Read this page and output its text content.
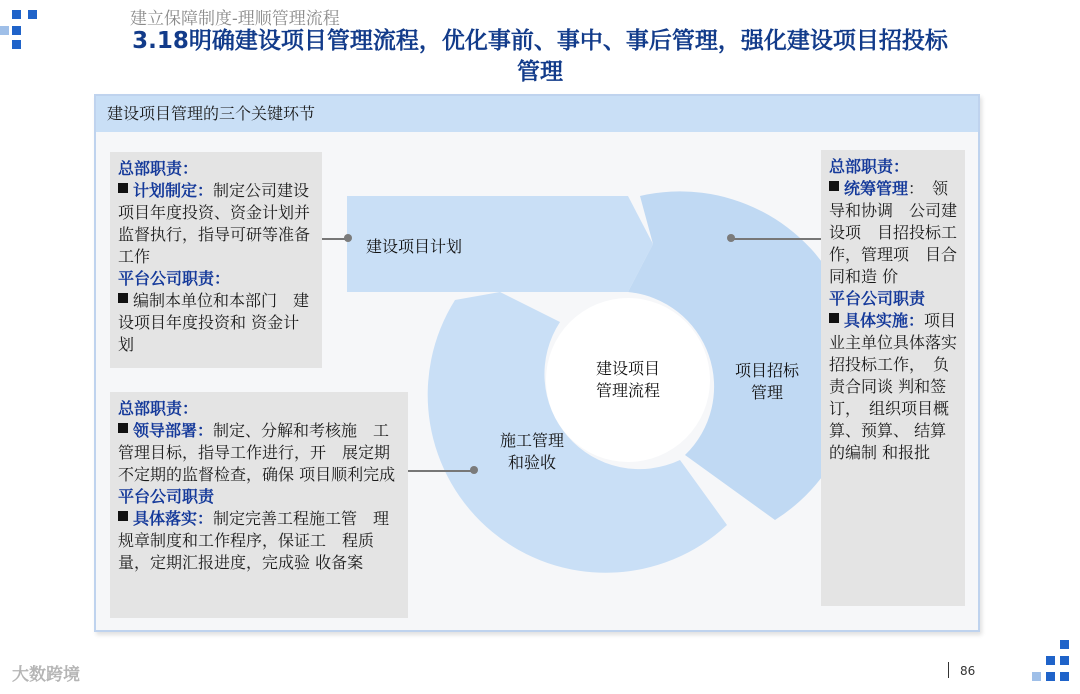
建立保障制度-理顺管理流程
3.18明确建设项目管理流程，优化事前、事中、事后管理，强化建设项目招投标
管理
建设项目管理的三个关键环节
建设项目 管理流程
建设项目计划
项目招标管理
施工管理和验收
总部职责：
计划制定：制定公司建设项目年度投资、资金计划并监督执行，指导可研等准备工作
平台公司职责：
编制本单位和本部门　建设项目年度投资和 资金计划
总部职责：
领导部署：制定、分解和考核施　工管理目标，指导工作进行，开　展定期不定期的监督检查，确保 项目顺利完成
平台公司职责
具体落实：制定完善工程施工管　理规章制度和工作程序，保证工　程质量，定期汇报进度，完成验 收备案
总部职责：
统筹管理：　领导和协调　公司建设项　目招投标工作，管理项　目合同和造 价
平台公司职责
具体实施：项目业主单位具体落实招投标工作，　负责合同谈 判和签订，　组织项目概 算、预算、 结算的编制 和报批
大数跨境	86
